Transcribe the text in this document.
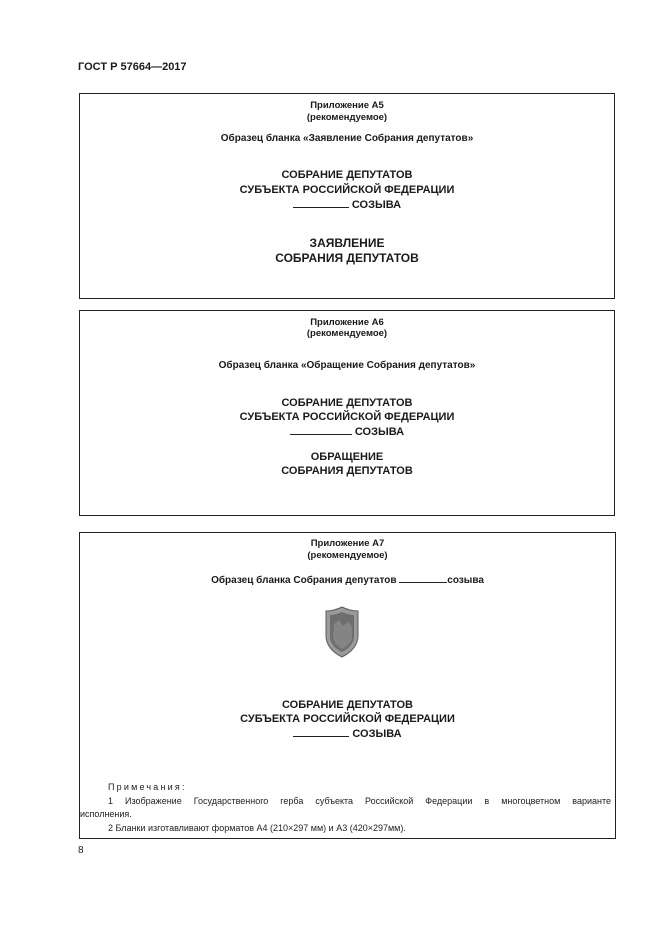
ГОСТ Р 57664—2017
Приложение А5
(рекомендуемое)
Образец бланка «Заявление Собрания депутатов»
СОБРАНИЕ ДЕПУТАТОВ
СУБЪЕКТА РОССИЙСКОЙ ФЕДЕРАЦИИ
СОЗЫВА
ЗАЯВЛЕНИЕ
СОБРАНИЯ ДЕПУТАТОВ
Приложение А6
(рекомендуемое)
Образец бланка «Обращение Собрания депутатов»
СОБРАНИЕ ДЕПУТАТОВ
СУБЪЕКТА РОССИЙСКОЙ ФЕДЕРАЦИИ
СОЗЫВА
ОБРАЩЕНИЕ
СОБРАНИЯ ДЕПУТАТОВ
Приложение А7
(рекомендуемое)
Образец бланка Собрания депутатов	созыва
СОБРАНИЕ ДЕПУТАТОВ
СУБЪЕКТА РОССИЙСКОЙ ФЕДЕРАЦИИ
СОЗЫВА
Примечания:
1 Изображение Государственного герба субъекта Российской Федерации в многоцветном варианте
исполнения.
2 Бланки изготавливают форматов А4 (210×297 мм) и А3 (420×297мм).
8
